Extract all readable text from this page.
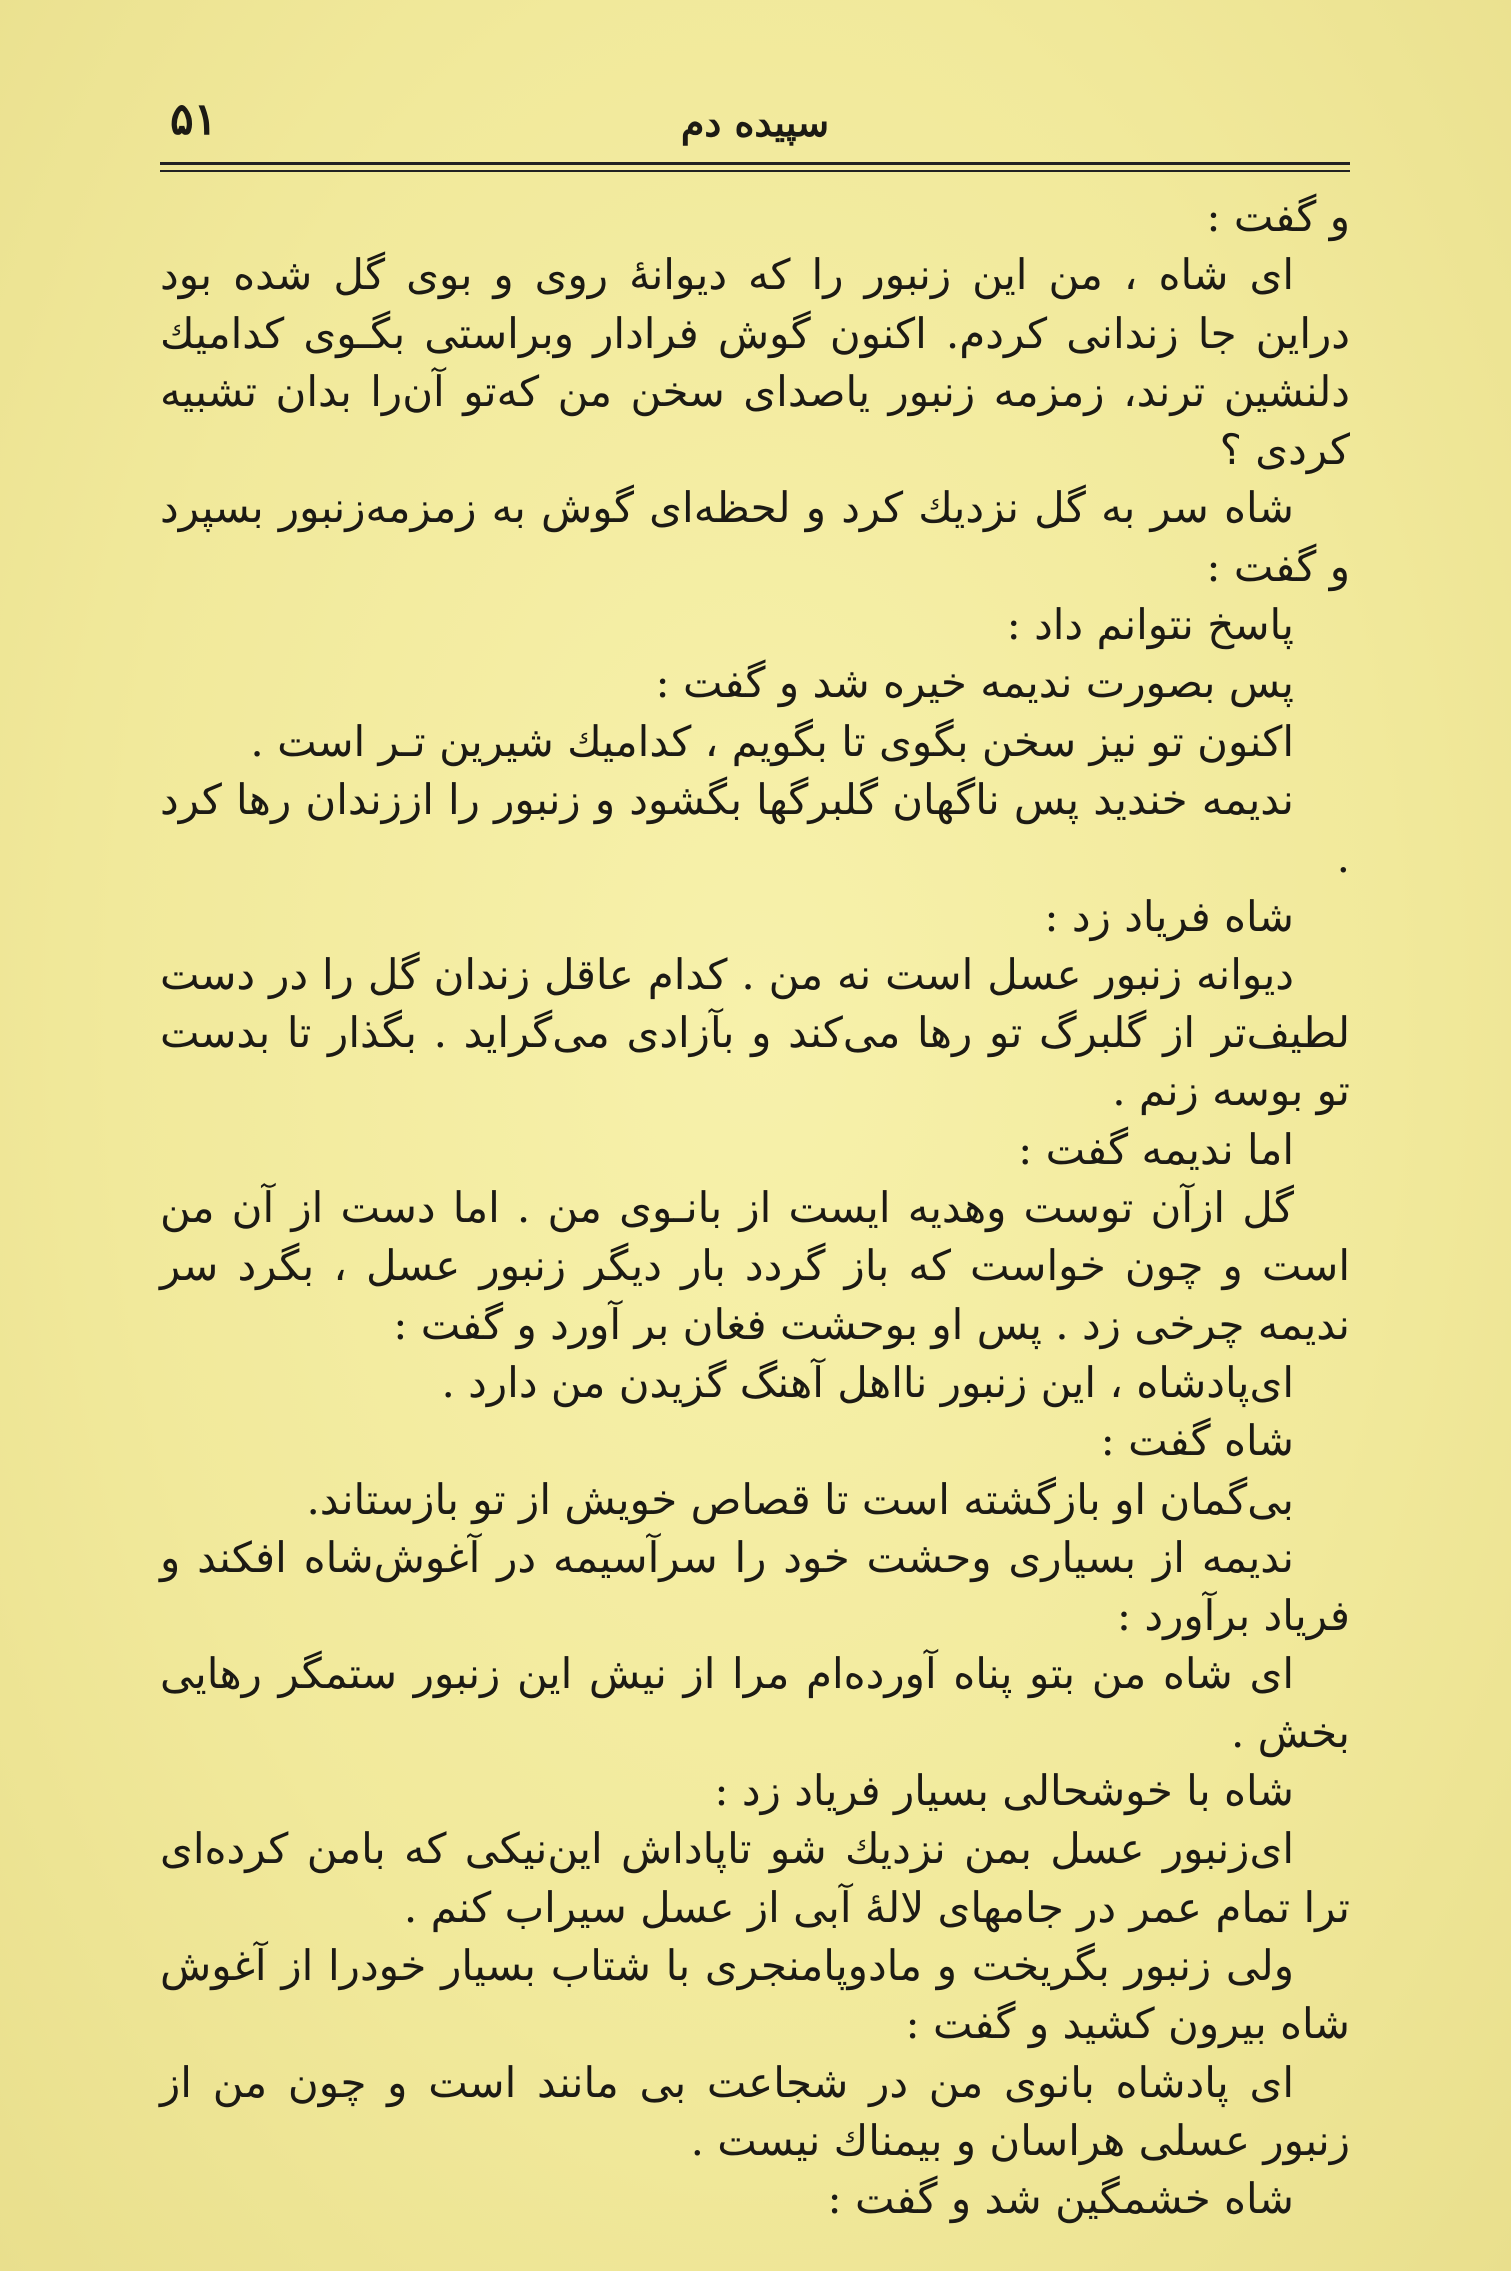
۵۱	سپیده دم

و گفت :

ای شاه ، من این زنبور را که دیوانهٔ روی و بوی گل شده بود دراین جا زندانی کردم. اکنون گوش فرادار وبراستی بگـوی کدامیك دلنشین ترند، زمزمه زنبور یاصدای سخن من که‌تو آن‌را بدان تشبیه کردی ؟

شاه سر به گل نزدیك کرد و لحظه‌ای گوش به زمزمه‌زنبور بسپرد و گفت :

پاسخ نتوانم داد :

پس بصورت ندیمه خیره شد و گفت :

اکنون تو نیز سخن بگوی تا بگویم ، کدامیك شیرین تـر است .

ندیمه خندید پس ناگهان گلبرگها بگشود و زنبور را اززندان رها کرد .

شاه فریاد زد :

دیوانه زنبور عسل است نه من . کدام عاقل زندان گل را در دست لطیف‌تر از گلبرگ تو رها می‌کند و بآزادی می‌گراید . بگذار تا بدست تو بوسه زنم .

اما ندیمه گفت :

گل ازآن توست وهدیه ایست از بانـوی من . اما دست از آن من است و چون خواست که باز گردد بار دیگر زنبور عسل ، بگرد سر ندیمه چرخی زد . پس او بوحشت فغان بر آورد و گفت :

ای‌پادشاه ، این زنبور نااهل آهنگ گزیدن من دارد .

شاه گفت :

بی‌گمان او بازگشته است تا قصاص خویش از تو بازستاند.

ندیمه از بسیاری وحشت خود را سرآسیمه در آغوش‌شاه افکند و فریاد برآورد :

ای شاه من بتو پناه آورده‌ام مرا از نیش این زنبور ستمگر رهایی بخش .

شاه با خوشحالی بسیار فریاد زد :

ای‌زنبور عسل بمن نزدیك شو تاپاداش این‌نیکی که بامن کرده‌ای ترا تمام عمر در جامهای لالهٔ آبی از عسل سیراب کنم .

ولی زنبور بگریخت و مادوپامنجری با شتاب بسیار خودرا از آغوش شاه بیرون کشید و گفت :

ای پادشاه بانوی من در شجاعت بی مانند است و چون من از زنبور عسلی هراسان و بیمناك نیست .

شاه خشمگین شد و گفت :
